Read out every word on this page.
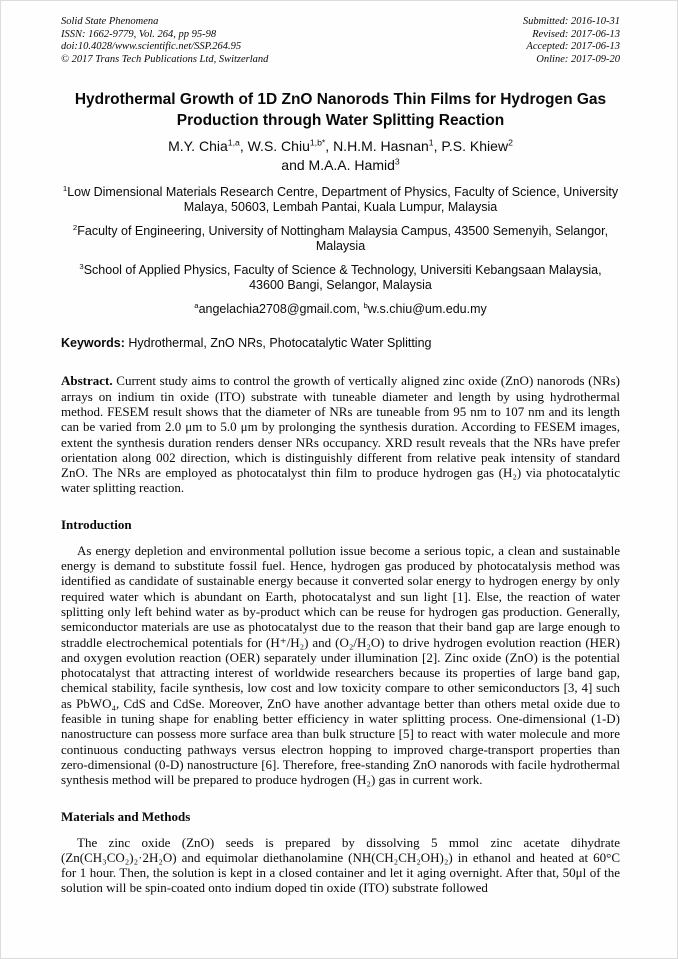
Solid State Phenomena
ISSN: 1662-9779, Vol. 264, pp 95-98
doi:10.4028/www.scientific.net/SSP.264.95
© 2017 Trans Tech Publications Ltd, Switzerland
Submitted: 2016-10-31
Revised: 2017-06-13
Accepted: 2017-06-13
Online: 2017-09-20
Hydrothermal Growth of 1D ZnO Nanorods Thin Films for Hydrogen Gas Production through Water Splitting Reaction
M.Y. Chia$^{1,a}$, W.S. Chiu$^{1,b*}$, N.H.M. Hasnan$^1$, P.S. Khiew$^2$
and M.A.A. Hamid$^3$
$^1$Low Dimensional Materials Research Centre, Department of Physics, Faculty of Science, University Malaya, 50603, Lembah Pantai, Kuala Lumpur, Malaysia
$^2$Faculty of Engineering, University of Nottingham Malaysia Campus, 43500 Semenyih, Selangor, Malaysia
$^3$School of Applied Physics, Faculty of Science & Technology, Universiti Kebangsaan Malaysia, 43600 Bangi, Selangor, Malaysia
$^a$angelachia2708@gmail.com, $^b$w.s.chiu@um.edu.my

Keywords: Hydrothermal, ZnO NRs, Photocatalytic Water Splitting

Abstract. Current study aims to control the growth of vertically aligned zinc oxide (ZnO) nanorods (NRs) arrays on indium tin oxide (ITO) substrate with tuneable diameter and length by using hydrothermal method. FESEM result shows that the diameter of NRs are tuneable from 95 nm to 107 nm and its length can be varied from 2.0 μm to 5.0 μm by prolonging the synthesis duration. According to FESEM images, extent the synthesis duration renders denser NRs occupancy. XRD result reveals that the NRs have prefer orientation along 002 direction, which is distinguishly different from relative peak intensity of standard ZnO. The NRs are employed as photocatalyst thin film to produce hydrogen gas (H₂) via photocatalytic water splitting reaction.

Introduction

As energy depletion and environmental pollution issue become a serious topic, a clean and sustainable energy is demand to substitute fossil fuel. Hence, hydrogen gas produced by photocatalysis method was identified as candidate of sustainable energy because it converted solar energy to hydrogen energy by only required water which is abundant on Earth, photocatalyst and sun light [1]. Else, the reaction of water splitting only left behind water as by-product which can be reuse for hydrogen gas production. Generally, semiconductor materials are use as photocatalyst due to the reason that their band gap are large enough to straddle electrochemical potentials for (H⁺/H₂) and (O₂/H₂O) to drive hydrogen evolution reaction (HER) and oxygen evolution reaction (OER) separately under illumination [2]. Zinc oxide (ZnO) is the potential photocatalyst that attracting interest of worldwide researchers because its properties of large band gap, chemical stability, facile synthesis, low cost and low toxicity compare to other semiconductors [3, 4] such as PbWO₄, CdS and CdSe. Moreover, ZnO have another advantage better than others metal oxide due to feasible in tuning shape for enabling better efficiency in water splitting process. One-dimensional (1-D) nanostructure can possess more surface area than bulk structure [5] to react with water molecule and more continuous conducting pathways versus electron hopping to improved charge-transport properties than zero-dimensional (0-D) nanostructure [6]. Therefore, free-standing ZnO nanorods with facile hydrothermal synthesis method will be prepared to produce hydrogen (H₂) gas in current work.

Materials and Methods

The zinc oxide (ZnO) seeds is prepared by dissolving 5 mmol zinc acetate dihydrate (Zn(CH₃CO₂)₂·2H₂O) and equimolar diethanolamine (NH(CH₂CH₂OH)₂) in ethanol and heated at 60°C for 1 hour. Then, the solution is kept in a closed container and let it aging overnight. After that, 50μl of the solution will be spin-coated onto indium doped tin oxide (ITO) substrate followed
